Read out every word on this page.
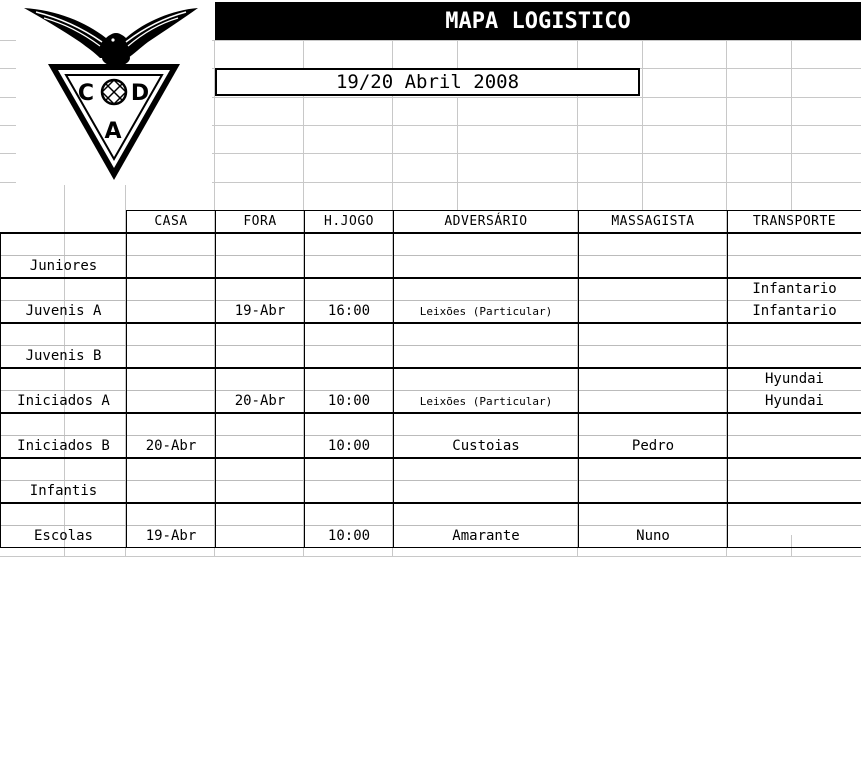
C D
A
MAPA LOGISTICO
19/20 Abril 2008
	CASA	FORA	H.JOGO	ADVERSÁRIO	MASSAGISTA	TRANSPORTE

Juniores						

Juvenis A		19-Abr	16:00	Leixões (Particular)		Infantario
Infantario

Juvenis B						

Iniciados A		20-Abr	10:00	Leixões (Particular)		Hyundai
Hyundai

Iniciados B	20-Abr		10:00	Custoias	Pedro	

Infantis						

Escolas	19-Abr		10:00	Amarante	Nuno	
